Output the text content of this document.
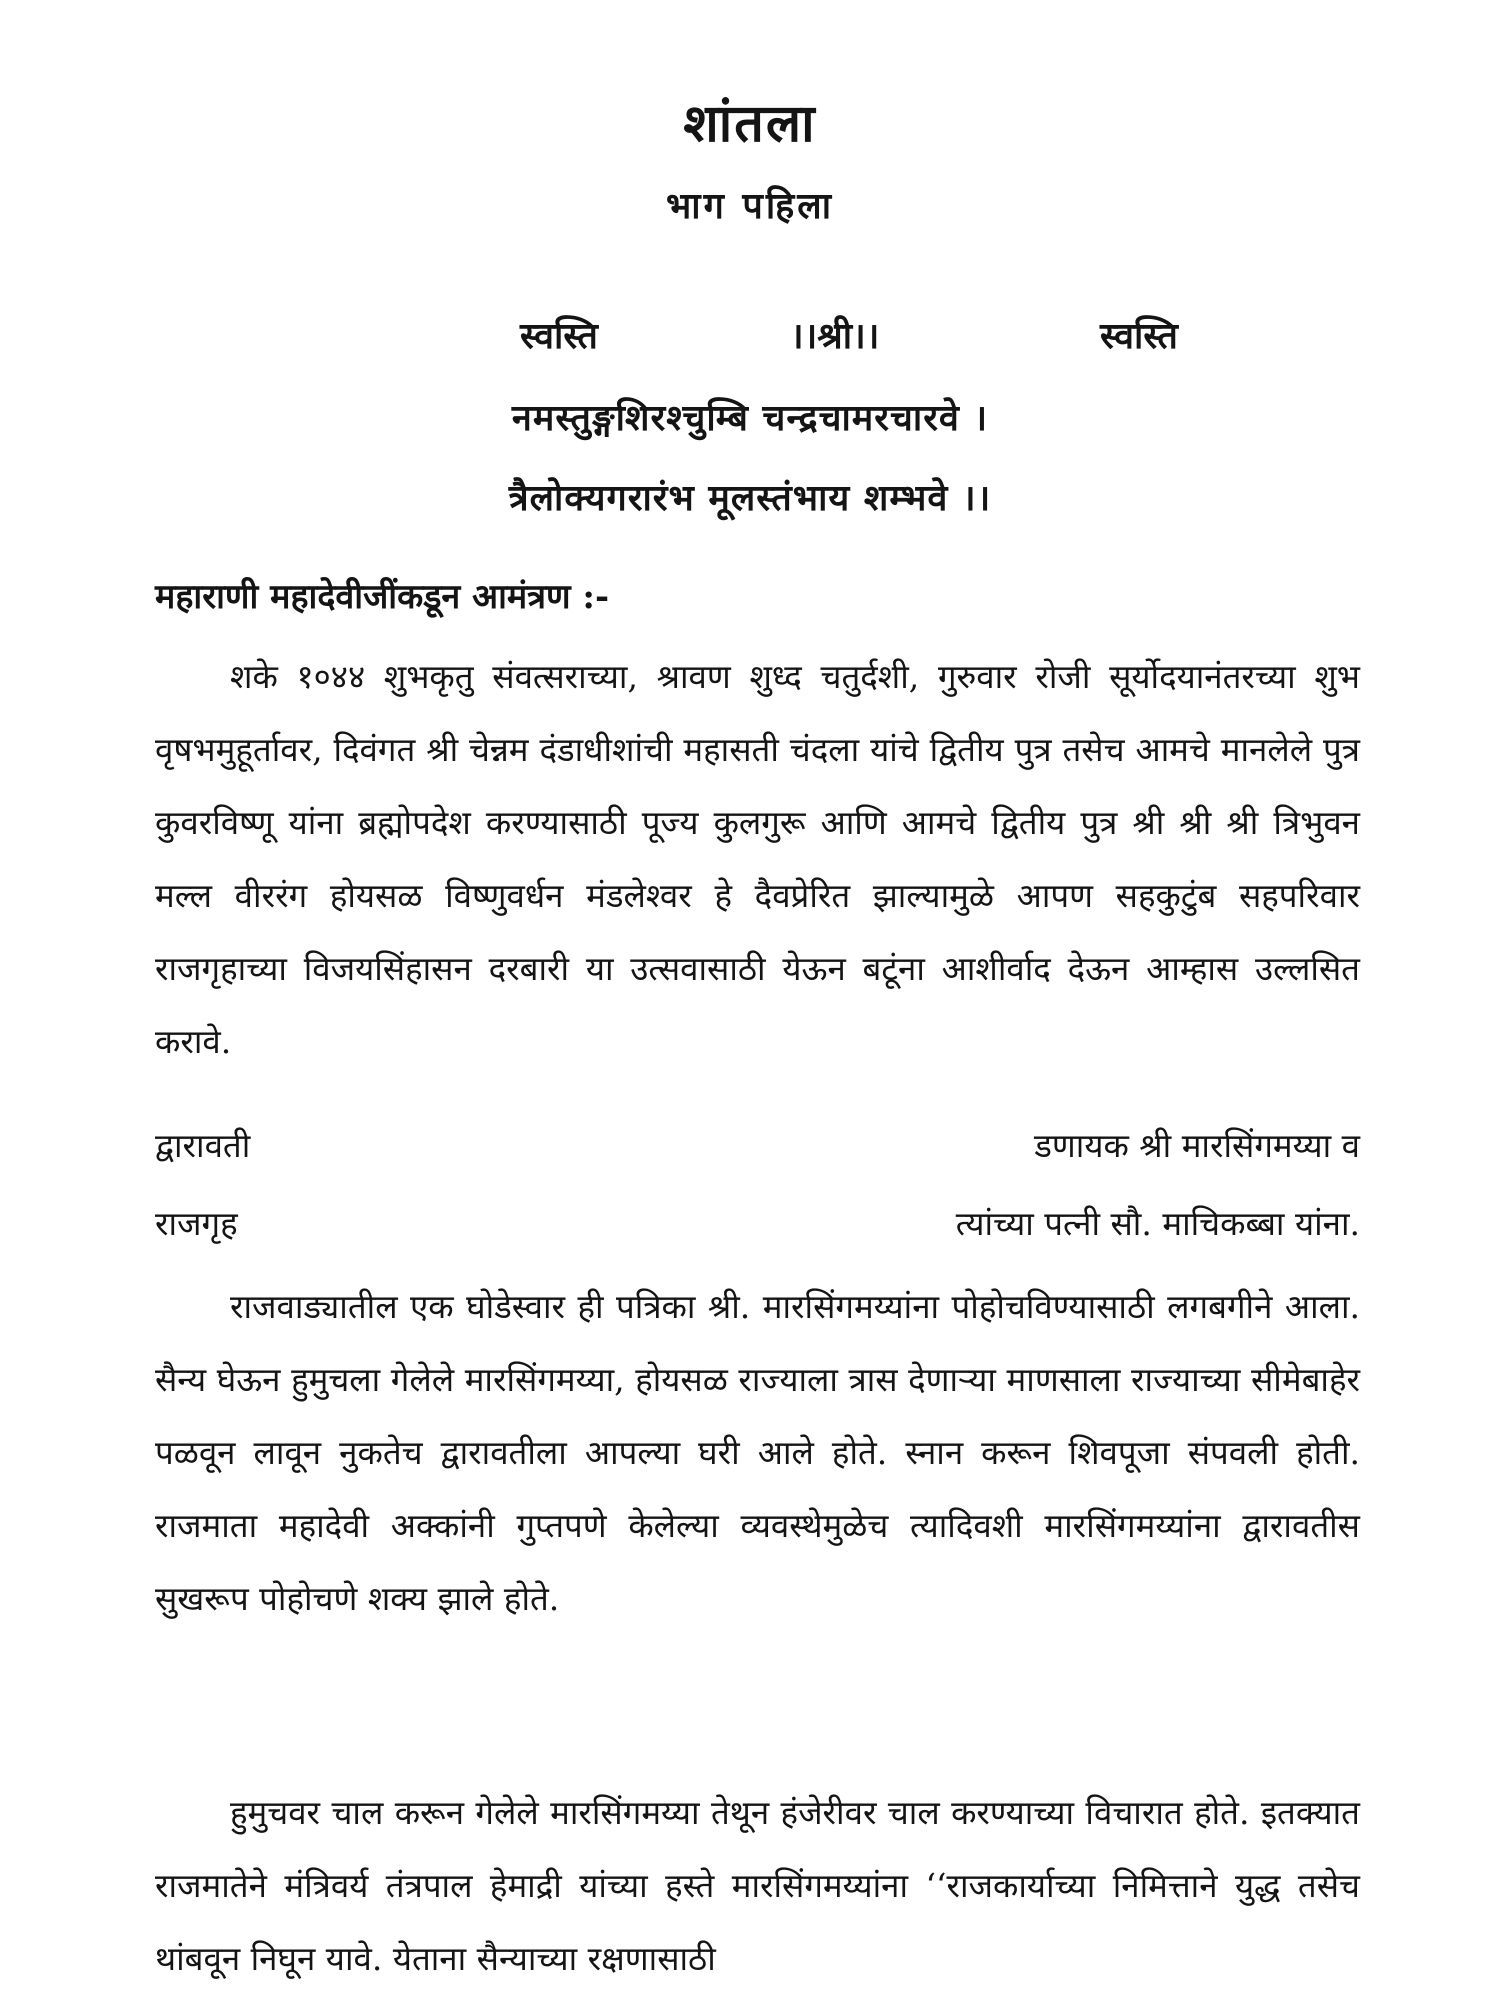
शांतला
भाग पहिला
स्वस्ति	।।श्री।।	स्वस्ति
नमस्तुङ्गशिरश्चुम्बि चन्द्रचामरचारवे ।
त्रैलोक्यगरारंभ मूलस्तंभाय शम्भवे ।।
महाराणी महादेवीजींकडून आमंत्रण :-

शके १०४४ शुभकृतु संवत्सराच्या, श्रावण शुध्द चतुर्दशी, गुरुवार रोजी सूर्योदयानंतरच्या शुभ वृषभमुहूर्तावर, दिवंगत श्री चेन्नम दंडाधीशांची महासती चंदला यांचे द्वितीय पुत्र तसेच आमचे मानलेले पुत्र कुवरविष्णू यांना ब्रह्मोपदेश करण्यासाठी पूज्य कुलगुरू आणि आमचे द्वितीय पुत्र श्री श्री श्री त्रिभुवन मल्ल वीररंग होयसळ विष्णुवर्धन मंडलेश्वर हे दैवप्रेरित झाल्यामुळे आपण सहकुटुंब सहपरिवार राजगृहाच्या विजयसिंहासन दरबारी या उत्सवासाठी येऊन बटूंना आशीर्वाद देऊन आम्हास उल्लसित करावे.

द्वारावती	डणायक श्री मारसिंगमय्या व
राजगृह	त्यांच्या पत्नी सौ. माचिकब्बा यांना.

राजवाड्यातील एक घोडेस्वार ही पत्रिका श्री. मारसिंगमय्यांना पोहोचविण्यासाठी लगबगीने आला. सैन्य घेऊन हुमुचला गेलेले मारसिंगमय्या, होयसळ राज्याला त्रास देणाऱ्या माणसाला राज्याच्या सीमेबाहेर पळवून लावून नुकतेच द्वारावतीला आपल्या घरी आले होते. स्नान करून शिवपूजा संपवली होती. राजमाता महादेवी अक्कांनी गुप्तपणे केलेल्या व्यवस्थेमुळेच त्यादिवशी मारसिंगमय्यांना द्वारावतीस सुखरूप पोहोचणे शक्य झाले होते.

हुमुचवर चाल करून गेलेले मारसिंगमय्या तेथून हंजेरीवर चाल करण्याच्या विचारात होते. इतक्यात राजमातेने मंत्रिवर्य तंत्रपाल हेमाद्री यांच्या हस्ते मारसिंगमय्यांना ‘‘राजकार्याच्या निमित्ताने युद्ध तसेच थांबवून निघून यावे. येताना सैन्याच्या रक्षणासाठी
